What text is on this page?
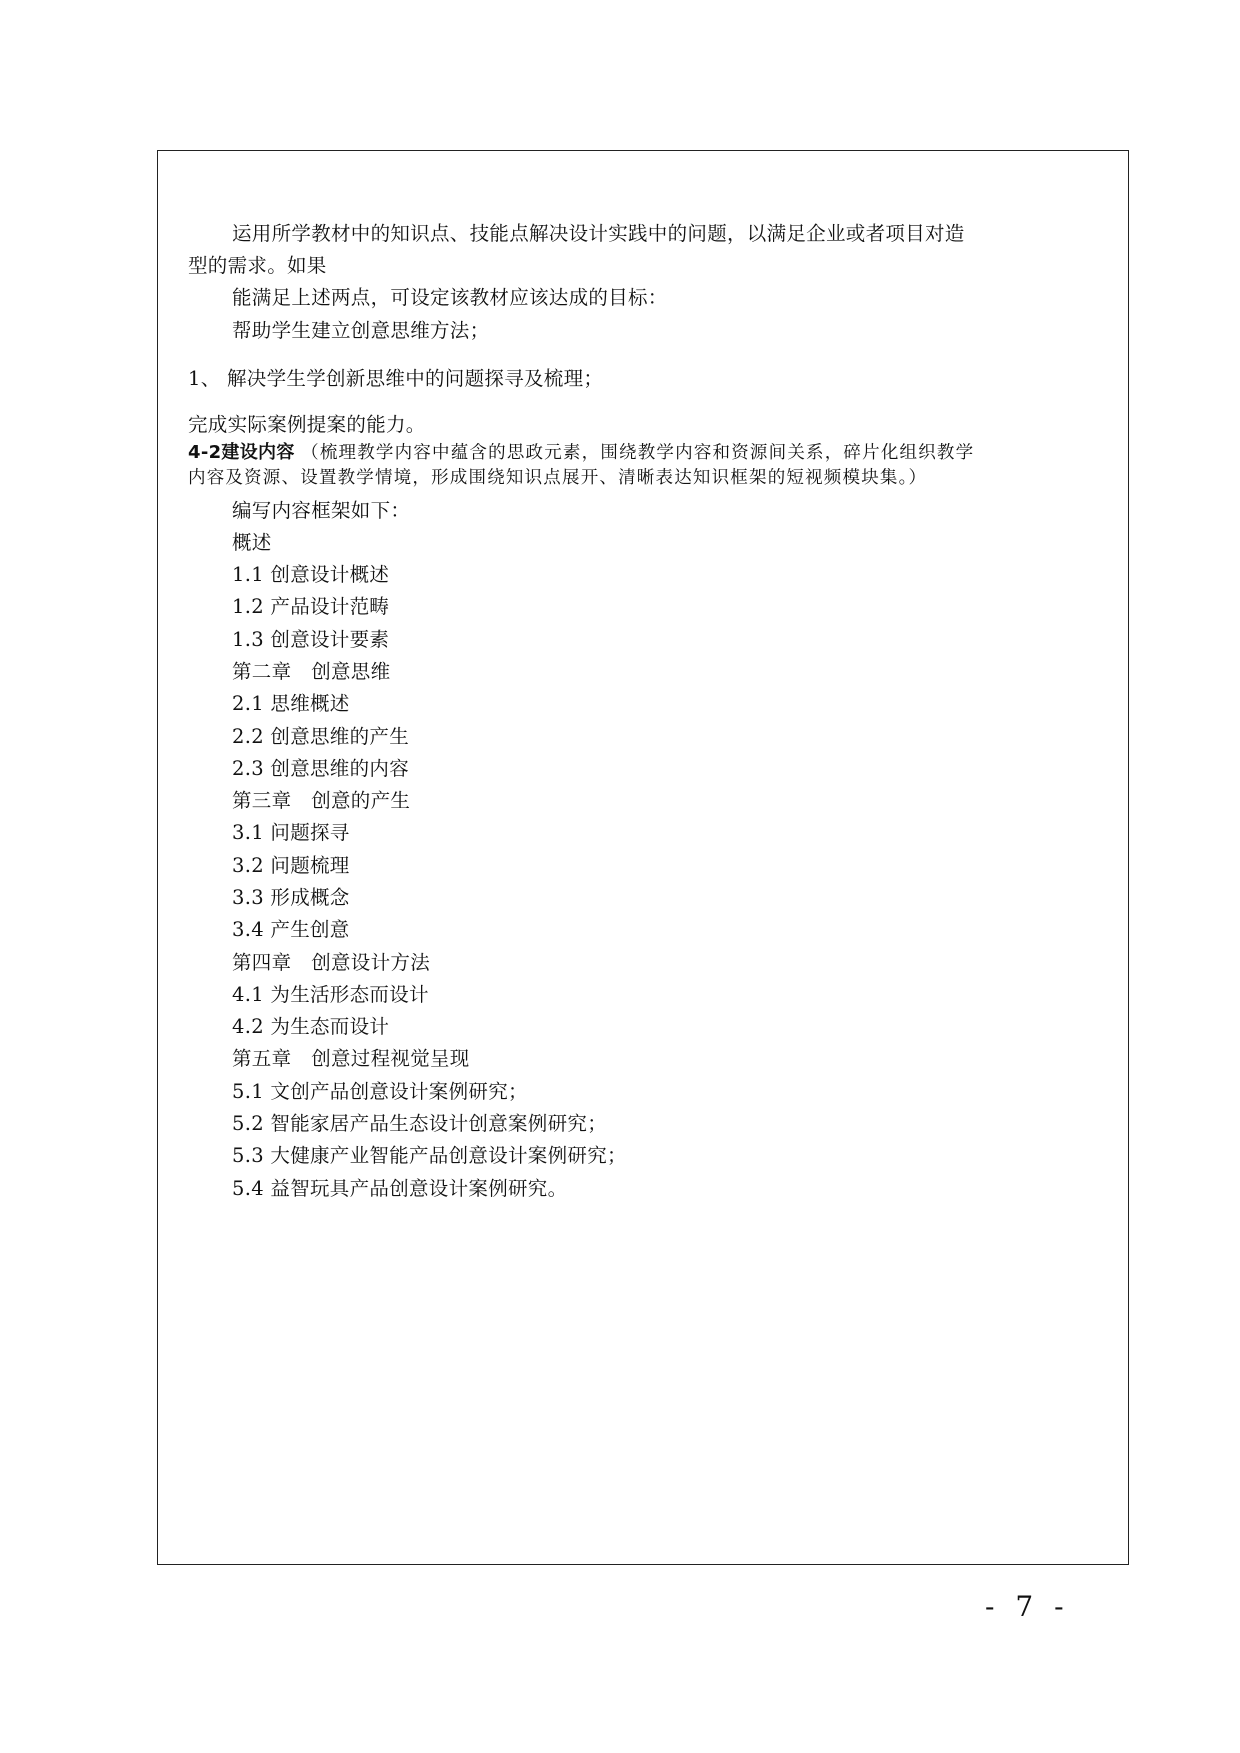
运用所学教材中的知识点、技能点解决设计实践中的问题，以满足企业或者项目对造
型的需求。如果
能满足上述两点，可设定该教材应该达成的目标：
帮助学生建立创意思维方法；
1、 解决学生学创新思维中的问题探寻及梳理；
完成实际案例提案的能力。
4-2建设内容 （梳理教学内容中蕴含的思政元素，围绕教学内容和资源间关系，碎片化组织教学
内容及资源、设置教学情境，形成围绕知识点展开、清晰表达知识框架的短视频模块集。）
编写内容框架如下：
概述
1.1 创意设计概述
1.2 产品设计范畴
1.3 创意设计要素
第二章　创意思维
2.1 思维概述
2.2 创意思维的产生
2.3 创意思维的内容
第三章　创意的产生
3.1 问题探寻
3.2 问题梳理
3.3 形成概念
3.4 产生创意
第四章　创意设计方法
4.1 为生活形态而设计
4.2 为生态而设计
第五章　创意过程视觉呈现
5.1 文创产品创意设计案例研究；
5.2 智能家居产品生态设计创意案例研究；
5.3 大健康产业智能产品创意设计案例研究；
5.4 益智玩具产品创意设计案例研究。
- 7 -
